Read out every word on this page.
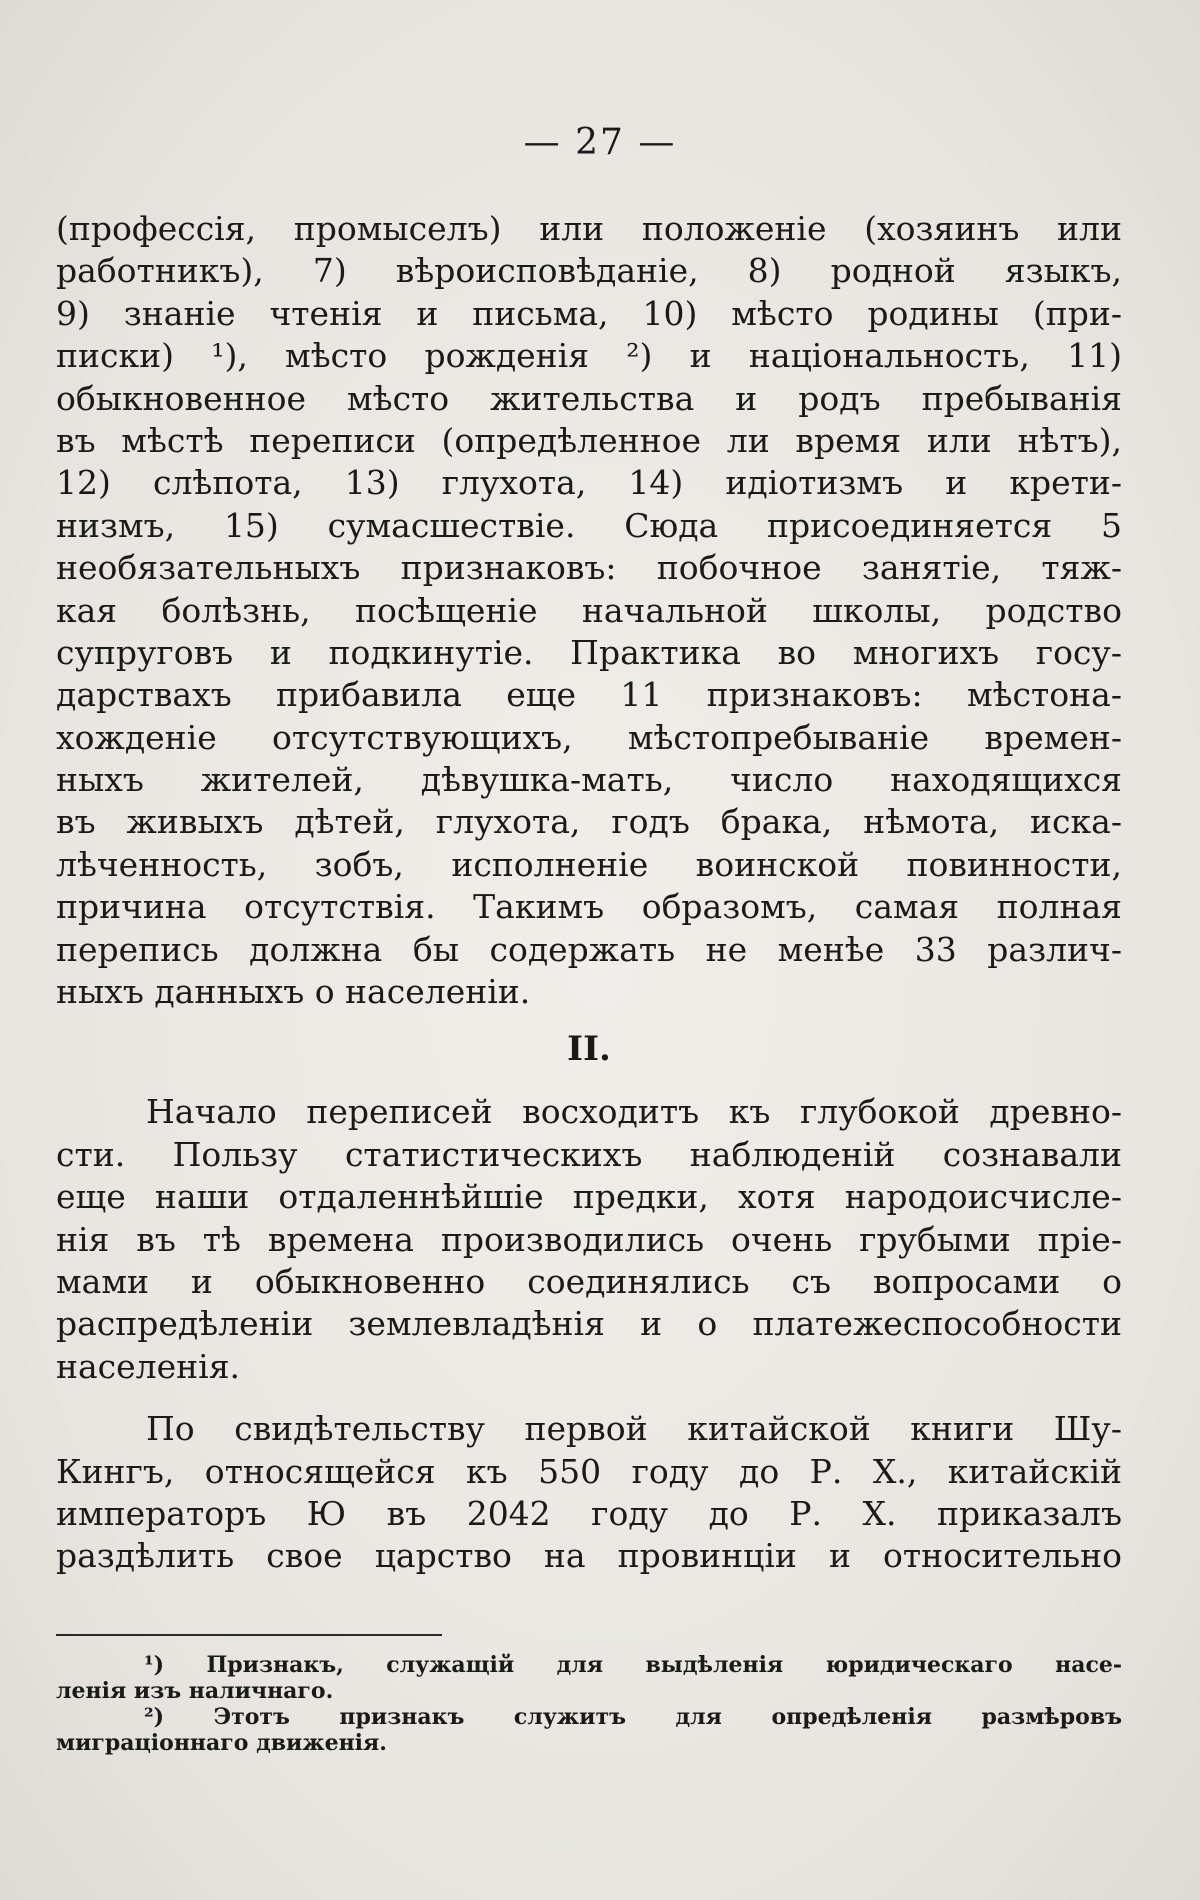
— 27 —
(профессія, промыселъ) или положеніе (хозяинъ или
работникъ), 7) вѣроисповѣданіе, 8) родной языкъ,
9) знаніе чтенія и письма, 10) мѣсто родины (при-
писки) ¹), мѣсто рожденія ²) и національность, 11)
обыкновенное мѣсто жительства и родъ пребыванія
въ мѣстѣ переписи (опредѣленное ли время или нѣтъ),
12) слѣпота, 13) глухота, 14) идіотизмъ и крети-
низмъ, 15) сумасшествіе. Сюда присоединяется 5
необязательныхъ признаковъ: побочное занятіе, тяж-
кая болѣзнь, посѣщеніе начальной школы, родство
супруговъ и подкинутіе. Практика во многихъ госу-
дарствахъ прибавила еще 11 признаковъ: мѣстона-
хожденіе отсутствующихъ, мѣстопребываніе времен-
ныхъ жителей, дѣвушка-мать, число находящихся
въ живыхъ дѣтей, глухота, годъ брака, нѣмота, иска-
лѣченность, зобъ, исполненіе воинской повинности,
причина отсутствія. Такимъ образомъ, самая полная
перепись должна бы содержать не менѣе 33 различ-
ныхъ данныхъ о населеніи.
II.
Начало переписей восходитъ къ глубокой древно-
сти. Пользу статистическихъ наблюденій сознавали
еще наши отдаленнѣйшіе предки, хотя народоисчисле-
нія въ тѣ времена производились очень грубыми пріе-
мами и обыкновенно соединялись съ вопросами о
распредѣленіи землевладѣнія и о платежеспособности
населенія.
По свидѣтельству первой китайской книги Шу-
Кингъ, относящейся къ 550 году до Р. Х., китайскій
императоръ Ю въ 2042 году до Р. Х. приказалъ
раздѣлить свое царство на провинціи и относительно
¹) Признакъ, служащій для выдѣленія юридическаго насе-
ленія изъ наличнаго.
²) Этотъ признакъ служитъ для опредѣленія размѣровъ
миграціоннаго движенія.
